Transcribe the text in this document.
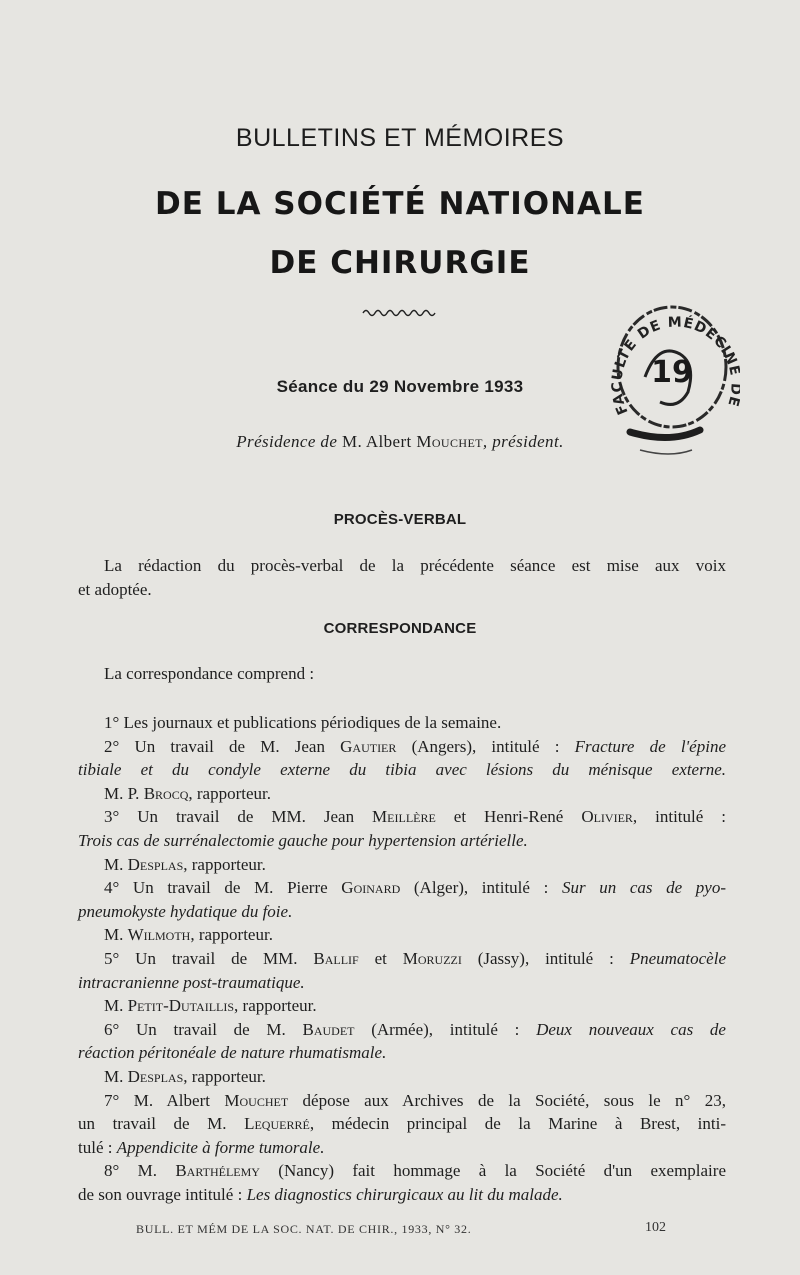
BULLETINS ET MÉMOIRES
DE LA SOCIÉTÉ NATIONALE
DE CHIRURGIE
FACULTÉ DE MÉDECIN
19
Séance du 29 Novembre 1933
Présidence de M. Albert Mouchet, président.
PROCÈS-VERBAL
La rédaction du procès-verbal de la précédente séance est mise aux voix
et adoptée.
CORRESPONDANCE
La correspondance comprend :
1° Les journaux et publications périodiques de la semaine.
2° Un travail de M. Jean Gautier (Angers), intitulé : Fracture de l'épine
tibiale et du condyle externe du tibia avec lésions du ménisque externe.
M. P. Brocq, rapporteur.
3° Un travail de MM. Jean Meillère et Henri-René Olivier, intitulé :
Trois cas de surrénalectomie gauche pour hypertension artérielle.
M. Desplas, rapporteur.
4° Un travail de M. Pierre Goinard (Alger), intitulé : Sur un cas de pyo-
pneumokyste hydatique du foie.
M. Wilmoth, rapporteur.
5° Un travail de MM. Ballif et Moruzzi (Jassy), intitulé : Pneumatocèle
intracranienne post-traumatique.
M. Petit-Dutaillis, rapporteur.
6° Un travail de M. Baudet (Armée), intitulé : Deux nouveaux cas de
réaction péritonéale de nature rhumatismale.
M. Desplas, rapporteur.
7° M. Albert Mouchet dépose aux Archives de la Société, sous le n° 23,
un travail de M. Lequerré, médecin principal de la Marine à Brest, inti-
tulé : Appendicite à forme tumorale.
8° M. Barthélemy (Nancy) fait hommage à la Société d'un exemplaire
de son ouvrage intitulé : Les diagnostics chirurgicaux au lit du malade.
BULL. ET MÉM DE LA SOC. NAT. DE CHIR., 1933, N° 32.	102
